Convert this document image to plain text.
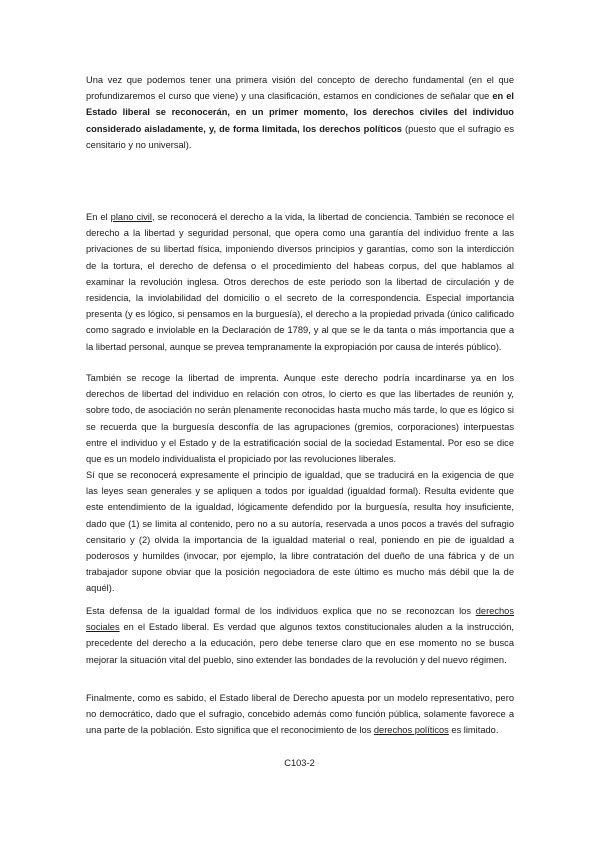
Una vez que podemos tener una primera visión del concepto de derecho fundamental (en el que profundizaremos el curso que viene) y una clasificación, estamos en condiciones de señalar que en el Estado liberal se reconocerán, en un primer momento, los derechos civiles del individuo considerado aisladamente, y, de forma limitada, los derechos políticos (puesto que el sufragio es censitario y no universal).

En el plano civil, se reconocerá el derecho a la vida, la libertad de conciencia. También se reconoce el derecho a la libertad y seguridad personal, que opera como una garantía del individuo frente a las privaciones de su libertad física, imponiendo diversos principios y garantías, como son la interdicción de la tortura, el derecho de defensa o el procedimiento del habeas corpus, del que hablamos al examinar la revolución inglesa. Otros derechos de este periodo son la libertad de circulación y de residencia, la inviolabilidad del domicilio o el secreto de la correspondencia. Especial importancia presenta (y es lógico, si pensamos en la burguesía), el derecho a la propiedad privada (único calificado como sagrado e inviolable en la Declaración de 1789, y al que se le da tanta o más importancia que a la libertad personal, aunque se prevea tempranamente la expropiación por causa de interés público).

También se recoge la libertad de imprenta. Aunque este derecho podría incardinarse ya en los derechos de libertad del individuo en relación con otros, lo cierto es que las libertades de reunión y, sobre todo, de asociación no serán plenamente reconocidas hasta mucho más tarde, lo que es lógico si se recuerda que la burguesía desconfía de las agrupaciones (gremios, corporaciones) interpuestas entre el individuo y el Estado y de la estratificación social de la sociedad Estamental. Por eso se dice que es un modelo individualista el propiciado por las revoluciones liberales.

Sí que se reconocerá expresamente el principio de igualdad, que se traducirá en la exigencia de que las leyes sean generales y se apliquen a todos por igualdad (igualdad formal). Resulta evidente que este entendimiento de la igualdad, lógicamente defendido por la burguesía, resulta hoy insuficiente, dado que (1) se limita al contenido, pero no a su autoría, reservada a unos pocos a través del sufragio censitario y (2) olvida la importancia de la igualdad material o real, poniendo en pie de igualdad a poderosos y humildes (invocar, por ejemplo, la libre contratación del dueño de una fábrica y de un trabajador supone obviar que la posición negociadora de este último es mucho más débil que la de aquél).

Esta defensa de la igualdad formal de los individuos explica que no se reconozcan los derechos sociales en el Estado liberal. Es verdad que algunos textos constitucionales aluden a la instrucción, precedente del derecho a la educación, pero debe tenerse claro que en ese momento no se busca mejorar la situación vital del pueblo, sino extender las bondades de la revolución y del nuevo régimen.

Finalmente, como es sabido, el Estado liberal de Derecho apuesta por un modelo representativo, pero no democrático, dado que el sufragio, concebido además como función pública, solamente favorece a una parte de la población. Esto significa que el reconocimiento de los derechos políticos es limitado.

C103-2
